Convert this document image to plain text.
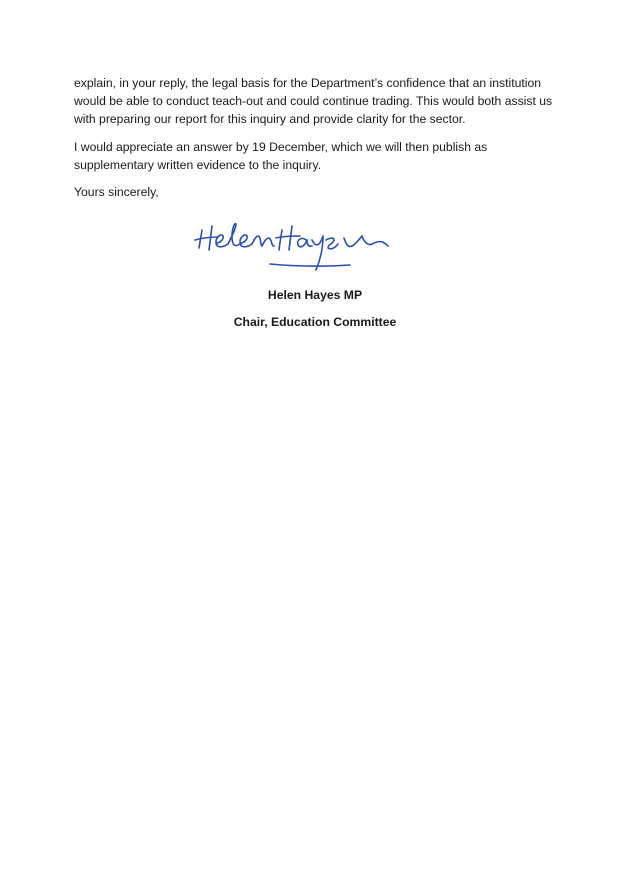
explain, in your reply, the legal basis for the Department’s confidence that an institution would be able to conduct teach-out and could continue trading. This would both assist us with preparing our report for this inquiry and provide clarity for the sector.

I would appreciate an answer by 19 December, which we will then publish as supplementary written evidence to the inquiry.

Yours sincerely,

Helen Hayes MP

Chair, Education Committee
